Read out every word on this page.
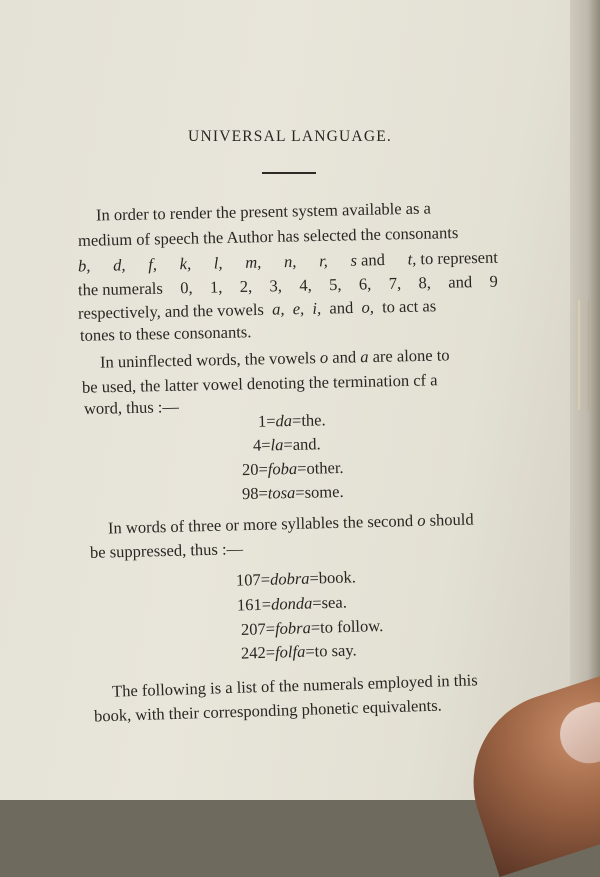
UNIVERSAL LANGUAGE.
In order to render the present system available as a
medium of speech the Author has selected the consonants
b, d, f, k, l, m, n, r, s and t, to represent
the numerals 0, 1, 2, 3, 4, 5, 6, 7, 8, and 9
respectively, and the vowels  a, e, i,  and  o,  to act as
tones to these consonants.
In uninflected words, the vowels o and a are alone to
be used, the latter vowel denoting the termination cf a
word, thus :—
1=da=the.
4=la=and.
20=foba=other.
98=tosa=some.
In words of three or more syllables the second o should
be suppressed, thus :—
107=dobra=book.
161=donda=sea.
207=fobra=to follow.
242=folfa=to say.
The following is a list of the numerals employed in this
book, with their corresponding phonetic equivalents.
